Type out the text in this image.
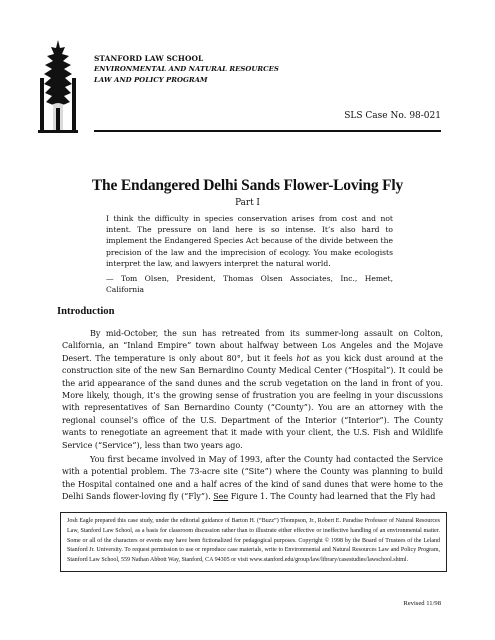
STANFORD LAW SCHOOL
ENVIRONMENTAL AND NATURAL RESOURCES
LAW AND POLICY PROGRAM
SLS Case No. 98-021
The Endangered Delhi Sands Flower-Loving Fly
Part I
I think the difficulty in species conservation arises from cost and not intent. The pressure on land here is so intense. It’s also hard to implement the Endangered Species Act because of the divide between the precision of the law and the imprecision of ecology. You make ecologists interpret the law, and lawyers interpret the natural world.
— Tom Olsen, President, Thomas Olsen Associates, Inc., Hemet, California
Introduction

By mid-October, the sun has retreated from its summer-long assault on Colton, California, an “Inland Empire” town about halfway between Los Angeles and the Mojave Desert. The temperature is only about 80°, but it feels hot as you kick dust around at the construction site of the new San Bernardino County Medical Center (“Hospital”). It could be the arid appearance of the sand dunes and the scrub vegetation on the land in front of you. More likely, though, it’s the growing sense of frustration you are feeling in your discussions with representatives of San Bernardino County (“County”). You are an attorney with the regional counsel’s office of the U.S. Department of the Interior (“Interior”). The County wants to renegotiate an agreement that it made with your client, the U.S. Fish and Wildlife Service (“Service”), less than two years ago.

You first became involved in May of 1993, after the County had contacted the Service with a potential problem. The 73-acre site (“Site”) where the County was planning to build the Hospital contained one and a half acres of the kind of sand dunes that were home to the Delhi Sands flower-loving fly (“Fly”). See Figure 1. The County had learned that the Fly had

Josh Eagle prepared this case study, under the editorial guidance of Barton H. (“Buzz”) Thompson, Jr., Robert E. Paradise Professor of Natural Resources Law, Stanford Law School, as a basis for classroom discussion rather than to illustrate either effective or ineffective handling of an environmental matter. Some or all of the characters or events may have been fictionalized for pedagogical purposes. Copyright © 1998 by the Board of Trustees of the Leland Stanford Jr. University. To request permission to use or reproduce case materials, write to Environmental and Natural Resources Law and Policy Program, Stanford Law School, 559 Nathan Abbott Way, Stanford, CA 94305 or visit www.stanford.edu/group/law/library/casestudies/lawschool.shtml.
Revised 11/98
